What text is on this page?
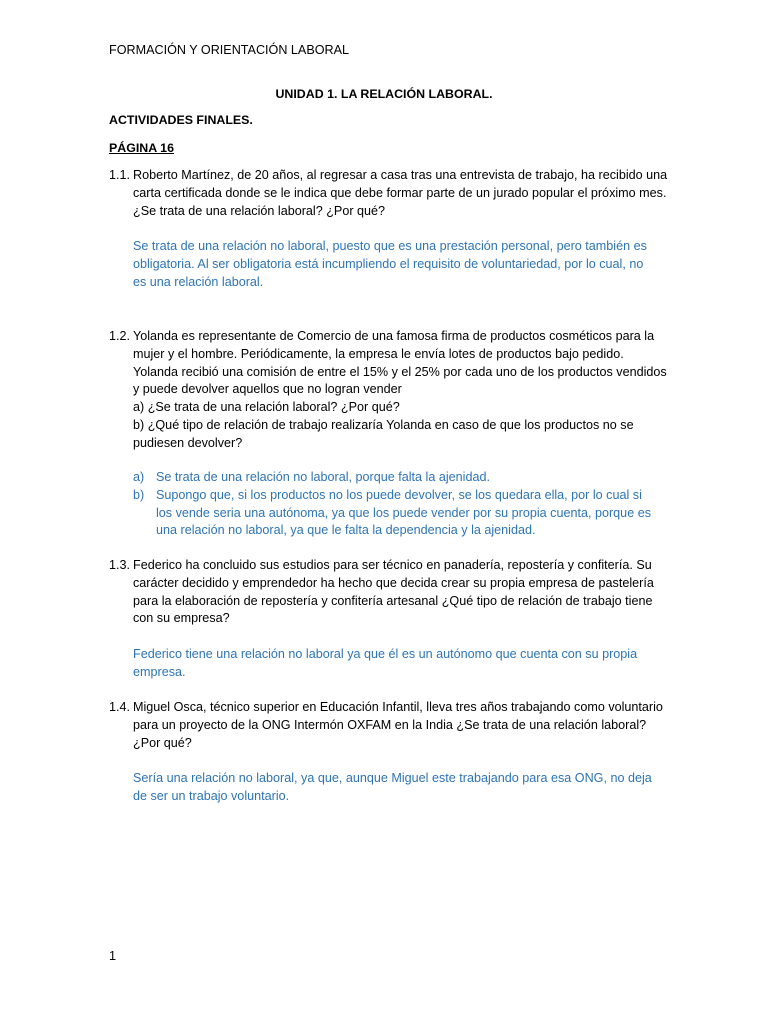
FORMACIÓN Y ORIENTACIÓN LABORAL
UNIDAD 1. LA RELACIÓN LABORAL.
ACTIVIDADES FINALES.
PÁGINA 16
1.1. Roberto Martínez, de 20 años, al regresar a casa tras una entrevista de trabajo, ha recibido una carta certificada donde se le indica que debe formar parte de un jurado popular el próximo mes. ¿Se trata de una relación laboral? ¿Por qué?
Se trata de una relación no laboral, puesto que es una prestación personal, pero también es obligatoria. Al ser obligatoria está incumpliendo el requisito de voluntariedad, por lo cual, no es una relación laboral.
1.2. Yolanda es representante de Comercio de una famosa firma de productos cosméticos para la mujer y el hombre. Periódicamente, la empresa le envía lotes de productos bajo pedido. Yolanda recibió una comisión de entre el 15% y el 25% por cada uno de los productos vendidos y puede devolver aquellos que no logran vender
a) ¿Se trata de una relación laboral? ¿Por qué?
b) ¿Qué tipo de relación de trabajo realizaría Yolanda en caso de que los productos no se pudiesen devolver?
a) Se trata de una relación no laboral, porque falta la ajenidad.
b) Supongo que, si los productos no los puede devolver, se los quedara ella, por lo cual si los vende seria una autónoma, ya que los puede vender por su propia cuenta, porque es una relación no laboral, ya que le falta la dependencia y la ajenidad.
1.3. Federico ha concluido sus estudios para ser técnico en panadería, repostería y confitería. Su carácter decidido y emprendedor ha hecho que decida crear su propia empresa de pastelería para la elaboración de repostería y confitería artesanal ¿Qué tipo de relación de trabajo tiene con su empresa?
Federico tiene una relación no laboral ya que él es un autónomo que cuenta con su propia empresa.
1.4. Miguel Osca, técnico superior en Educación Infantil, lleva tres años trabajando como voluntario para un proyecto de la ONG Intermón OXFAM en la India ¿Se trata de una relación laboral? ¿Por qué?
Sería una relación no laboral, ya que, aunque Miguel este trabajando para esa ONG, no deja de ser un trabajo voluntario.
1
